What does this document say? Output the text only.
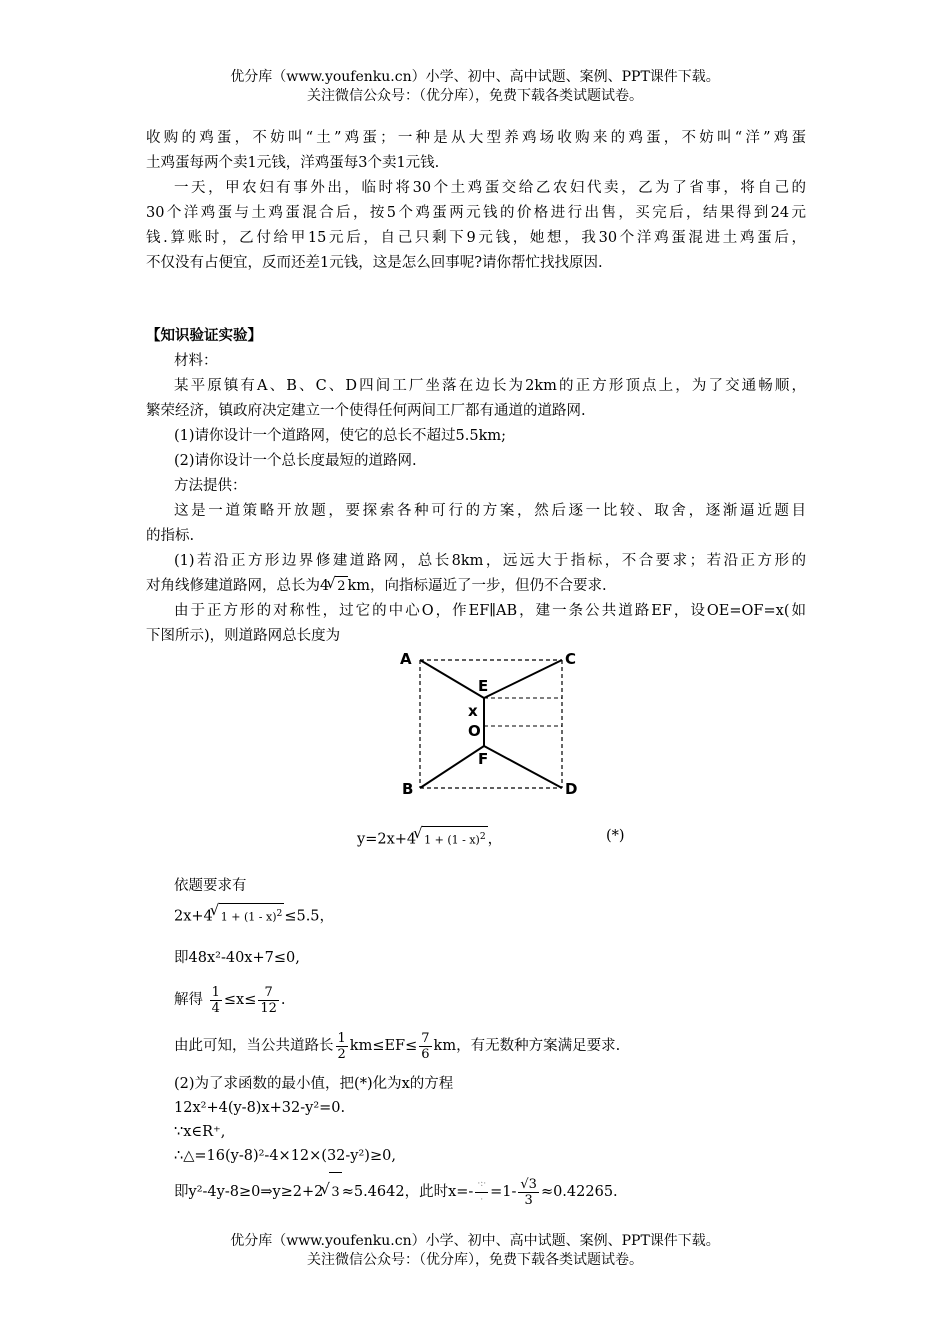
优分库（www.youfenku.cn）小学、初中、高中试题、案例、PPT课件下载。
关注微信公众号：（优分库），免费下载各类试题试卷。
收购的鸡蛋，不妨叫“土”鸡蛋；一种是从大型养鸡场收购来的鸡蛋，不妨叫“洋”鸡蛋
土鸡蛋每两个卖1元钱，洋鸡蛋每3个卖1元钱.
一天，甲农妇有事外出，临时将30个土鸡蛋交给乙农妇代卖，乙为了省事，将自己的
30个洋鸡蛋与土鸡蛋混合后，按5个鸡蛋两元钱的价格进行出售，买完后，结果得到24元
钱.算账时，乙付给甲15元后，自己只剩下9元钱，她想，我30个洋鸡蛋混进土鸡蛋后，
不仅没有占便宜，反而还差1元钱，这是怎么回事呢?请你帮忙找找原因.
【知识验证实验】
材料：
某平原镇有A、B、C、D四间工厂坐落在边长为2km的正方形顶点上，为了交通畅顺，
繁荣经济，镇政府决定建立一个使得任何两间工厂都有通道的道路网.
(1)请你设计一个道路网，使它的总长不超过5.5km;
(2)请你设计一个总长度最短的道路网.
方法提供：
这是一道策略开放题，要探索各种可行的方案，然后逐一比较、取舍，逐渐逼近题目
的指标.
(1)若沿正方形边界修建道路网，总长8km，远远大于指标，不合要求；若沿正方形的
对角线修建道路网，总长为4 √ 2 km，向指标逼近了一步，但仍不合要求.
由于正方形的对称性，过它的中心O，作EF∥AB，建一条公共道路EF，设OE=OF=x(如
下图所示)，则道路网总长度为
A	C
E
x
O
F
B	D
y=2x+4 √ 1 + (1 - x)$^2$ ，	(*)
依题要求有
2x+4 √ 1 + (1 - x)$^2$ ≤5.5，
即48x²-40x+7≤0,
解得 $\frac{1}{4} \le x\le \frac{7}{12}$ .
由此可知，当公共道路长 $\frac{1}{2} km\le EF\le \frac{7}{6}$ km，有无数种方案满足要求.
(2)为了求函数的最小值，把(*)化为x的方程
12x²+4(y-8)x+32-y²=0.
∵x∈R⁺,
∴△=16(y-8)²-4×12×(32-y²)≥0,
即y²-4y-8≥0⇒y≥2+2 √ 3 ≈5.4642，此时$x=- \frac{\cdot:\cdot}{\cdot} =1- \frac{√3}{3} \approx 0.42265$.
优分库（www.youfenku.cn）小学、初中、高中试题、案例、PPT课件下载。
关注微信公众号：（优分库），免费下载各类试题试卷。
